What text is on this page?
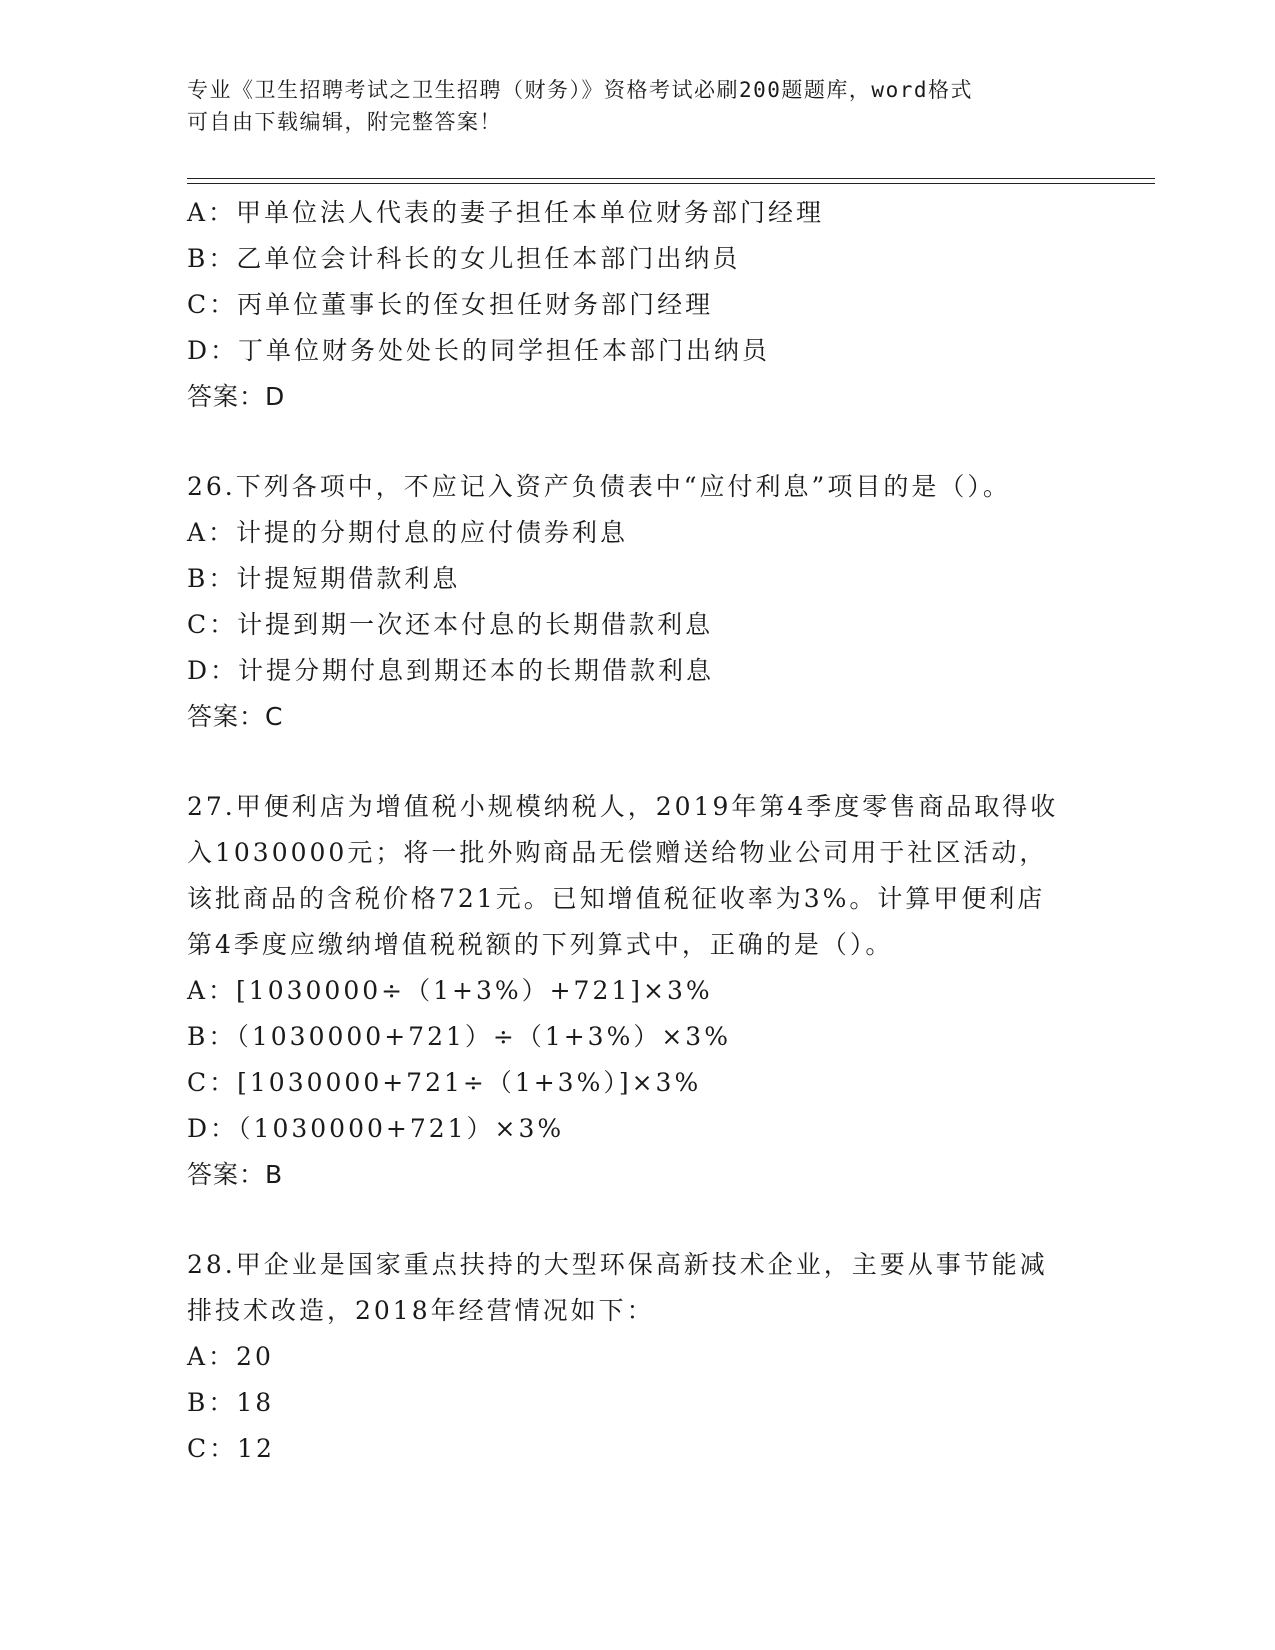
专业《卫生招聘考试之卫生招聘（财务）》资格考试必刷200题题库，word格式
可自由下载编辑，附完整答案！
A：甲单位法人代表的妻子担任本单位财务部门经理
B：乙单位会计科长的女儿担任本部门出纳员
C：丙单位董事长的侄女担任财务部门经理
D：丁单位财务处处长的同学担任本部门出纳员
答案：D
26.下列各项中，不应记入资产负债表中“应付利息”项目的是（）。
A：计提的分期付息的应付债券利息
B：计提短期借款利息
C：计提到期一次还本付息的长期借款利息
D：计提分期付息到期还本的长期借款利息
答案：C
27.甲便利店为增值税小规模纳税人，2019年第4季度零售商品取得收
入1030000元；将一批外购商品无偿赠送给物业公司用于社区活动，
该批商品的含税价格721元。已知增值税征收率为3%。计算甲便利店
第4季度应缴纳增值税税额的下列算式中，正确的是（）。
A：[1030000÷（1+3%）+721]×3%
B：（1030000+721）÷（1+3%）×3%
C：[1030000+721÷（1+3%）]×3%
D：（1030000+721）×3%
答案：B
28.甲企业是国家重点扶持的大型环保高新技术企业，主要从事节能减
排技术改造，2018年经营情况如下：
A：20
B：18
C：12
